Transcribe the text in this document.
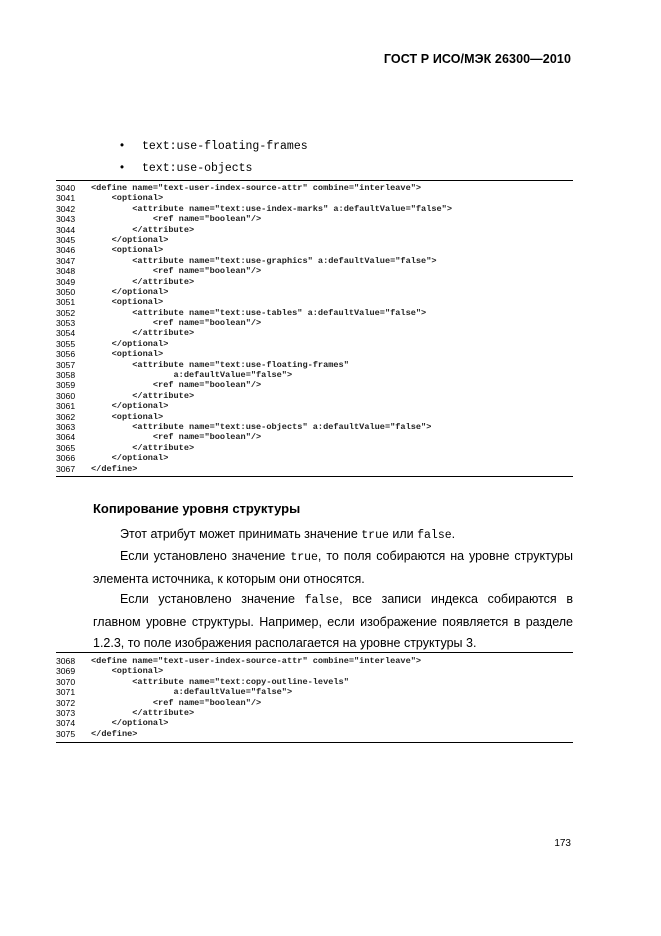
ГОСТ Р ИСО/МЭК 26300—2010
• text:use-floating-frames
• text:use-objects
3040	<define name="text-user-index-source-attr" combine="interleave">
3041	<optional>
3042	<attribute name="text:use-index-marks" a:defaultValue="false">
3043	<ref name="boolean"/>
3044	</attribute>
3045	</optional>
3046	<optional>
3047	<attribute name="text:use-graphics" a:defaultValue="false">
3048	<ref name="boolean"/>
3049	</attribute>
3050	</optional>
3051	<optional>
3052	<attribute name="text:use-tables" a:defaultValue="false">
3053	<ref name="boolean"/>
3054	</attribute>
3055	</optional>
3056	<optional>
3057	<attribute name="text:use-floating-frames"
3058	a:defaultValue="false">
3059	<ref name="boolean"/>
3060	</attribute>
3061	</optional>
3062	<optional>
3063	<attribute name="text:use-objects" a:defaultValue="false">
3064	<ref name="boolean"/>
3065	</attribute>
3066	</optional>
3067	</define>
Копирование уровня структуры
Этот атрибут может принимать значение true или false.
Если установлено значение true, то поля собираются на уровне структуры элемента источника, к которым они относятся.
Если установлено значение false, все записи индекса собираются в главном уровне структуры. Например, если изображение появляется в разделе 1.2.3, то поле изображения располагается на уровне структуры 3.
3068	<define name="text-user-index-source-attr" combine="interleave">
3069	<optional>
3070	<attribute name="text:copy-outline-levels"
3071	a:defaultValue="false">
3072	<ref name="boolean"/>
3073	</attribute>
3074	</optional>
3075	</define>
173
